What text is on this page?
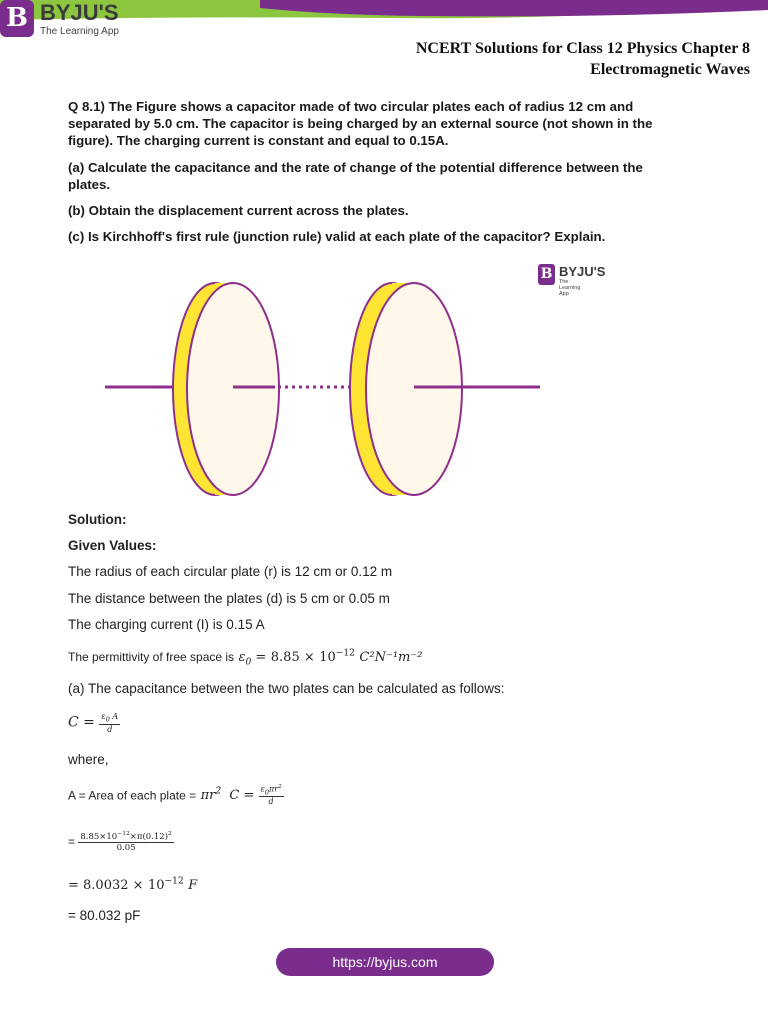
B BYJU'S
The Learning App
NCERT Solutions for Class 12 Physics Chapter 8
Electromagnetic Waves
Q 8.1) The Figure shows a capacitor made of two circular plates each of radius 12 cm and separated by 5.0 cm. The capacitor is being charged by an external source (not shown in the figure). The charging current is constant and equal to 0.15A.
(a) Calculate the capacitance and the rate of change of the potential difference between the plates.
(b) Obtain the displacement current across the plates.
(c) Is Kirchhoff's first rule (junction rule) valid at each plate of the capacitor? Explain.
B BYJU'S
The Learning App
Solution:
Given Values:
The radius of each circular plate (r) is 12 cm or 0.12 m
The distance between the plates (d) is 5 cm or 0.05 m
The charging current (I) is 0.15 A
The permittivity of free space is $\varepsilon_0 = 8.85 \times 10^{-12}$ C²N⁻¹m⁻²
(a) The capacitance between the two plates can be calculated as follows:
$C = \frac{\varepsilon_0 A}{d}$
where,
A = Area of each plate = $\pi r^2$  $C = \frac{\varepsilon_0\pi r^2}{d}$
= $\frac{8.85\times 10^{-12}\times\pi(0.12)^2}{0.05}$
= $8.0032 \times 10^{-12}$ F
= 80.032 pF
https://byjus.com
